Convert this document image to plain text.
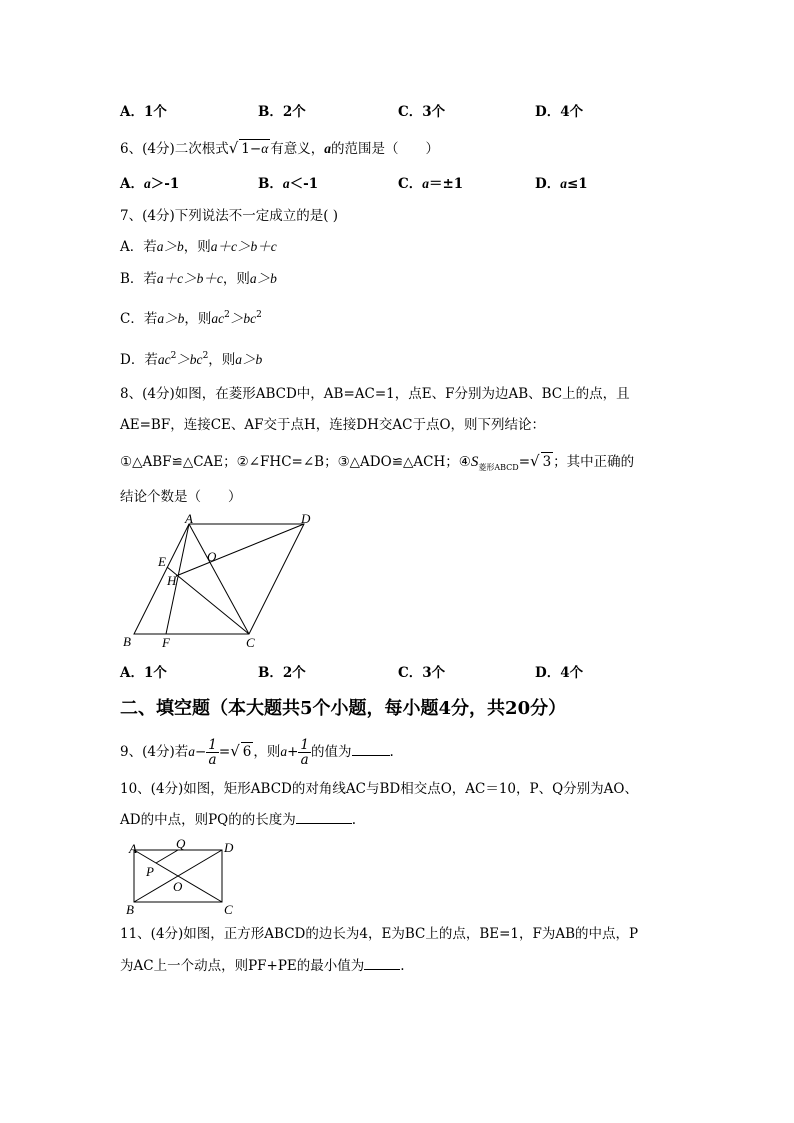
A．1个	B．2个	C．3个	D．4个
6、(4分)二次根式√ 1−α 有意义，a的范围是（　　）
A．a＞-1	B．a＜-1	C．a＝±1	D．a≤1
7、(4分)下列说法不一定成立的是( )
A．若a＞b，则a＋c＞b＋c
B．若a＋c＞b＋c，则a＞b
C．若a＞b，则$ac^2>bc^2$
D．若$ac^2>bc^2$，则a＞b
8、(4分)如图，在菱形ABCD中，AB=AC=1，点E、F分别为边AB、BC上的点，且
AE=BF，连接CE、AF交于点H，连接DH交AC于点O，则下列结论：
①△ABF≌△CAE；②∠FHC=∠B；③△ADO≌△ACH；$④S_{菱形ABCD}=√$ 3 ；其中正确的
结论个数是（　　）
A	D
E	O
H
B F	C
A．1个	B．2个	C．3个	D．4个
二、填空题（本大题共5个小题，每小题4分，共20分）
9、(4分)若$a- \frac{1}{a}$ =√ 6 ，则$a+ \frac{1}{a}$ 的值为	.
10、(4分)如图，矩形ABCD的对角线AC与BD相交点O，AC＝10，P、Q分别为AO、
AD的中点，则PQ的的长度为	.
A	Q	D
P
O
B	C
11、(4分)如图，正方形ABCD的边长为4，E为BC上的点，BE=1，F为AB的中点，P
为AC上一个动点，则PF+PE的最小值为	.
